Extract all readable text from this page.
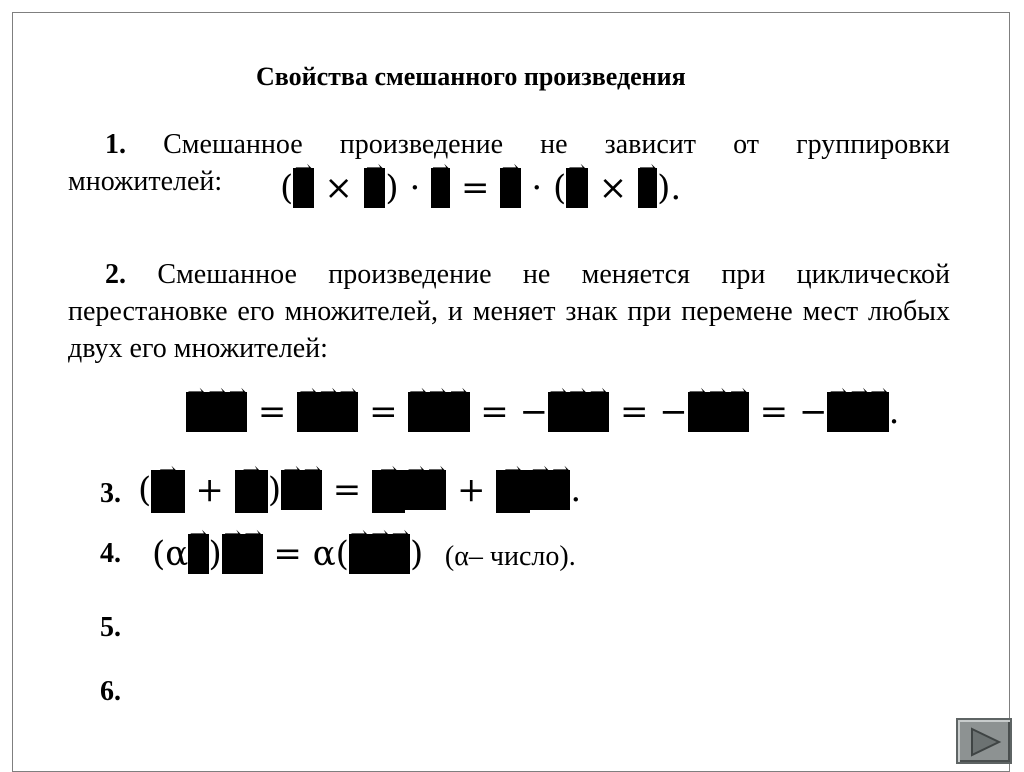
Свойства смешанного произведения
1. Смешанное произведение не зависит от группировки
множителей:	(→ a × → b) · → c = → a · (→ b × → c).
2. Смешанное произведение не меняется при циклической перестановке его множителей, и меняет знак при перемене мест любых двух его множителей:
→ a→ b→ c = → b→ c→ a = → c→ a→ b = −→ a→ c→ b = −→ c→ b→ a = −→ b→ a→ c.
3. (→ $a_1$ + → $a_2)\to b\to c$ = → $a_1\to b\to c$ + → $a_2\to b\to c$.
4. (α→ a)→ b→ c = α(→ a→ b→ c)  (α– число).
5.
6.
